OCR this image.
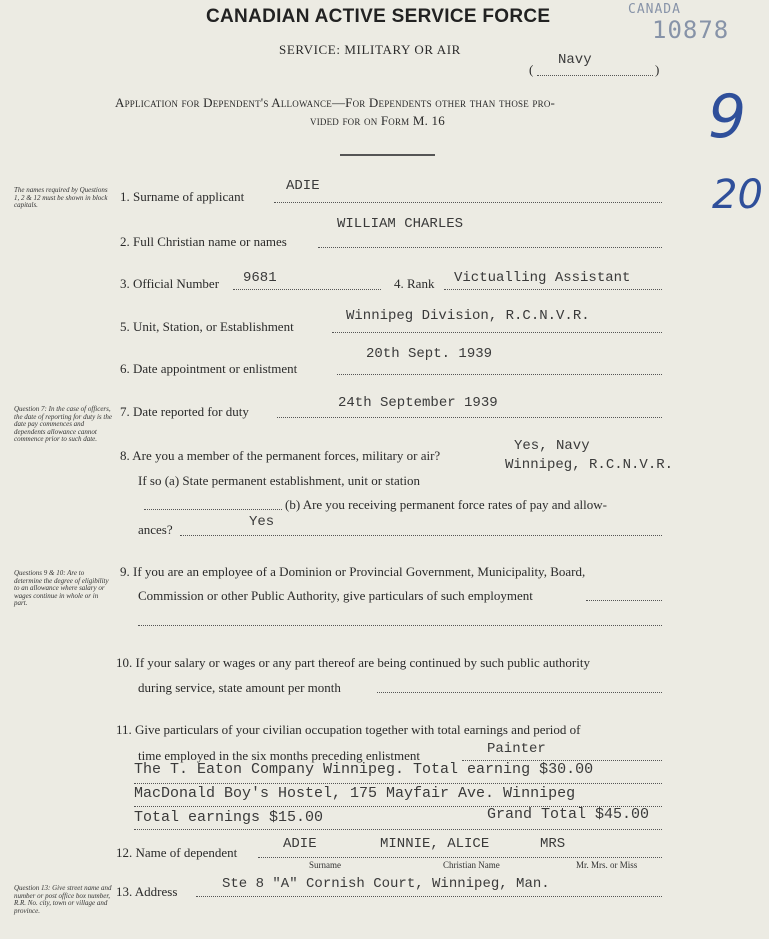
CANADIAN ACTIVE SERVICE FORCE
SERVICE: MILITARY OR AIR
(
Navy
)
Application for Dependent's Allowance—For Dependents other than those pro-
vided for on Form M. 16
CANADA
10878
9
20
The names required by Questions 1, 2 & 12 must be shown in block capitals.
Question 7: In the case of officers, the date of reporting for duty is the date pay commences and dependents allowance cannot commence prior to such date.
Questions 9 & 10: Are to determine the degree of eligibility to an allowance where salary or wages continue in whole or in part.
Question 13: Give street name and number or post office box number, R.R. No. city, town or village and province.
1. Surname of applicant
ADIE
2. Full Christian name or names
WILLIAM CHARLES
3. Official Number 9681	4. Rank Victualling Assistant
5. Unit, Station, or Establishment
Winnipeg Division, R.C.N.V.R.
6. Date appointment or enlistment
20th Sept. 1939
7. Date reported for duty
24th September 1939
8. Are you a member of the permanent forces, military or air?
Yes, Navy
If so (a) State permanent establishment, unit or station
Winnipeg, R.C.N.V.R.
(b) Are you receiving permanent force rates of pay and allow-
ances?	Yes
9. If you are an employee of a Dominion or Provincial Government, Municipality, Board,
Commission or other Public Authority, give particulars of such employment
10. If your salary or wages or any part thereof are being continued by such public authority
during service, state amount per month
11. Give particulars of your civilian occupation together with total earnings and period of
time employed in the six months preceding enlistment	Painter
The T. Eaton Company Winnipeg. Total earning $30.00
MacDonald Boy's Hostel, 175 Mayfair Ave. Winnipeg
Total earnings $15.00	Grand Total $45.00
12. Name of dependent
ADIE	MINNIE, ALICE	MRS
Surname	Christian Name	Mr. Mrs. or Miss
13. Address	Ste 8 "A" Cornish Court, Winnipeg, Man.
